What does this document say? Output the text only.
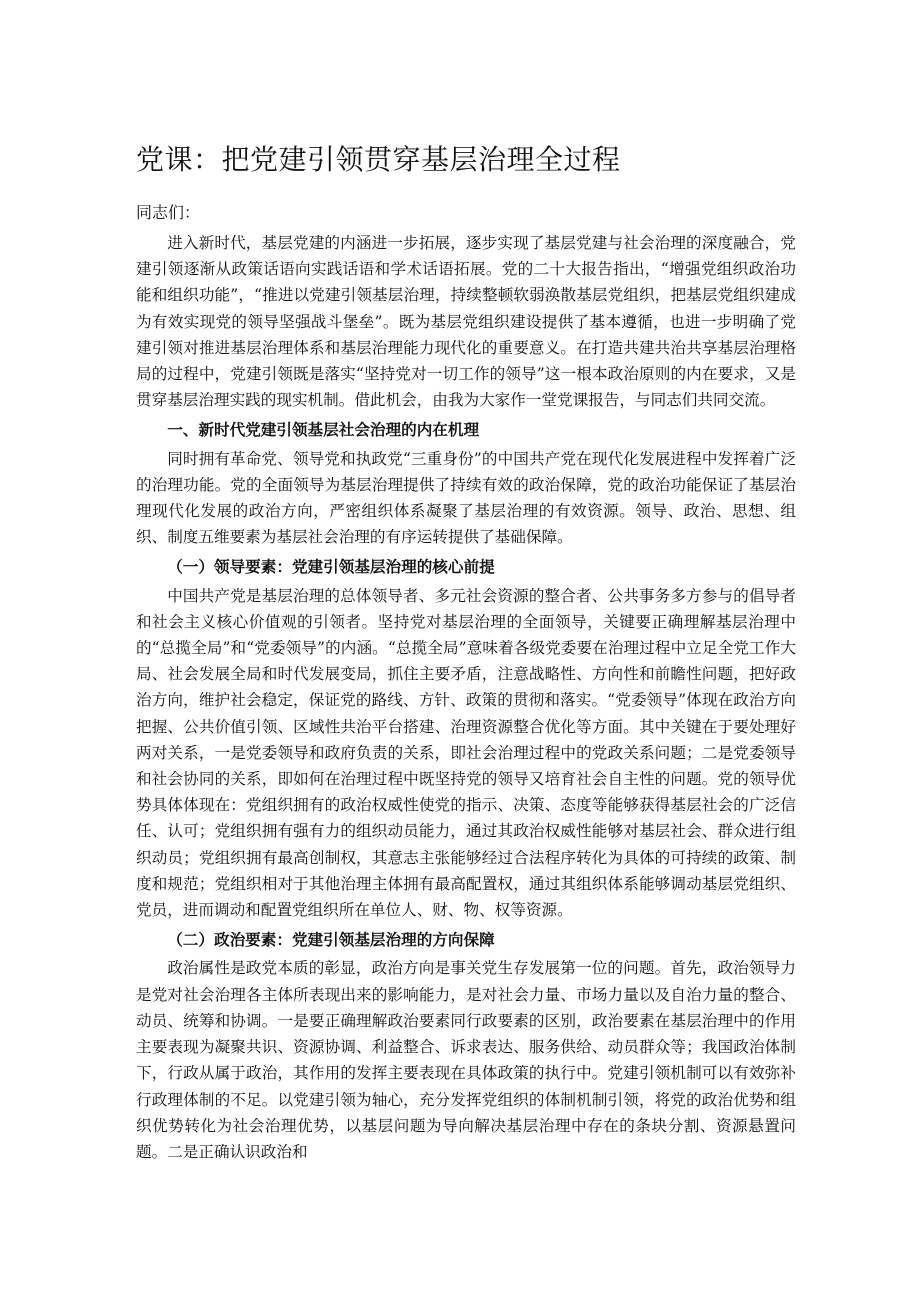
党课：把党建引领贯穿基层治理全过程

同志们：

进入新时代，基层党建的内涵进一步拓展，逐步实现了基层党建与社会治理的深度融合，党建引领逐渐从政策话语向实践话语和学术话语拓展。党的二十大报告指出，“增强党组织政治功能和组织功能”，“推进以党建引领基层治理，持续整顿软弱涣散基层党组织，把基层党组织建成为有效实现党的领导坚强战斗堡垒”。既为基层党组织建设提供了基本遵循，也进一步明确了党建引领对推进基层治理体系和基层治理能力现代化的重要意义。在打造共建共治共享基层治理格局的过程中，党建引领既是落实“坚持党对一切工作的领导”这一根本政治原则的内在要求，又是贯穿基层治理实践的现实机制。借此机会，由我为大家作一堂党课报告，与同志们共同交流。

一、新时代党建引领基层社会治理的内在机理

同时拥有革命党、领导党和执政党“三重身份”的中国共产党在现代化发展进程中发挥着广泛的治理功能。党的全面领导为基层治理提供了持续有效的政治保障，党的政治功能保证了基层治理现代化发展的政治方向，严密组织体系凝聚了基层治理的有效资源。领导、政治、思想、组织、制度五维要素为基层社会治理的有序运转提供了基础保障。

（一）领导要素：党建引领基层治理的核心前提

中国共产党是基层治理的总体领导者、多元社会资源的整合者、公共事务多方参与的倡导者和社会主义核心价值观的引领者。坚持党对基层治理的全面领导，关键要正确理解基层治理中的“总揽全局”和“党委领导”的内涵。“总揽全局”意味着各级党委要在治理过程中立足全党工作大局、社会发展全局和时代发展变局，抓住主要矛盾，注意战略性、方向性和前瞻性问题，把好政治方向，维护社会稳定，保证党的路线、方针、政策的贯彻和落实。“党委领导”体现在政治方向把握、公共价值引领、区域性共治平台搭建、治理资源整合优化等方面。其中关键在于要处理好两对关系，一是党委领导和政府负责的关系，即社会治理过程中的党政关系问题；二是党委领导和社会协同的关系，即如何在治理过程中既坚持党的领导又培育社会自主性的问题。党的领导优势具体体现在：党组织拥有的政治权威性使党的指示、决策、态度等能够获得基层社会的广泛信任、认可；党组织拥有强有力的组织动员能力，通过其政治权威性能够对基层社会、群众进行组织动员；党组织拥有最高创制权，其意志主张能够经过合法程序转化为具体的可持续的政策、制度和规范；党组织相对于其他治理主体拥有最高配置权，通过其组织体系能够调动基层党组织、党员，进而调动和配置党组织所在单位人、财、物、权等资源。

（二）政治要素：党建引领基层治理的方向保障

政治属性是政党本质的彰显，政治方向是事关党生存发展第一位的问题。首先，政治领导力是党对社会治理各主体所表现出来的影响能力，是对社会力量、市场力量以及自治力量的整合、动员、统筹和协调。一是要正确理解政治要素同行政要素的区别，政治要素在基层治理中的作用主要表现为凝聚共识、资源协调、利益整合、诉求表达、服务供给、动员群众等；我国政治体制下，行政从属于政治，其作用的发挥主要表现在具体政策的执行中。党建引领机制可以有效弥补行政理体制的不足。以党建引领为轴心，充分发挥党组织的体制机制引领，将党的政治优势和组织优势转化为社会治理优势，以基层问题为导向解决基层治理中存在的条块分割、资源悬置问题。二是正确认识政治和
